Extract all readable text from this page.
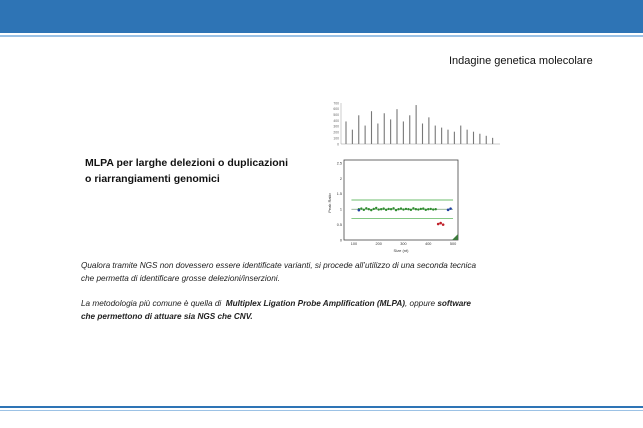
Indagine genetica molecolare
0
100
200
300
400
500
600
700
0
0.5
1
1.5
2
2.5
100	200	300	400	500
Peak Ratio
Size (nt)
MLPA per larghe delezioni o duplicazioni
o riarrangiamenti genomici
Qualora tramite NGS non dovessero essere identificate varianti, si procede all’utilizzo di una seconda tecnica che permetta di identificare grosse delezioni/inserzioni.
La metodologia più comune è quella di Multiplex Ligation Probe Amplification (MLPA), oppure software che permettono di attuare sia NGS che CNV.
